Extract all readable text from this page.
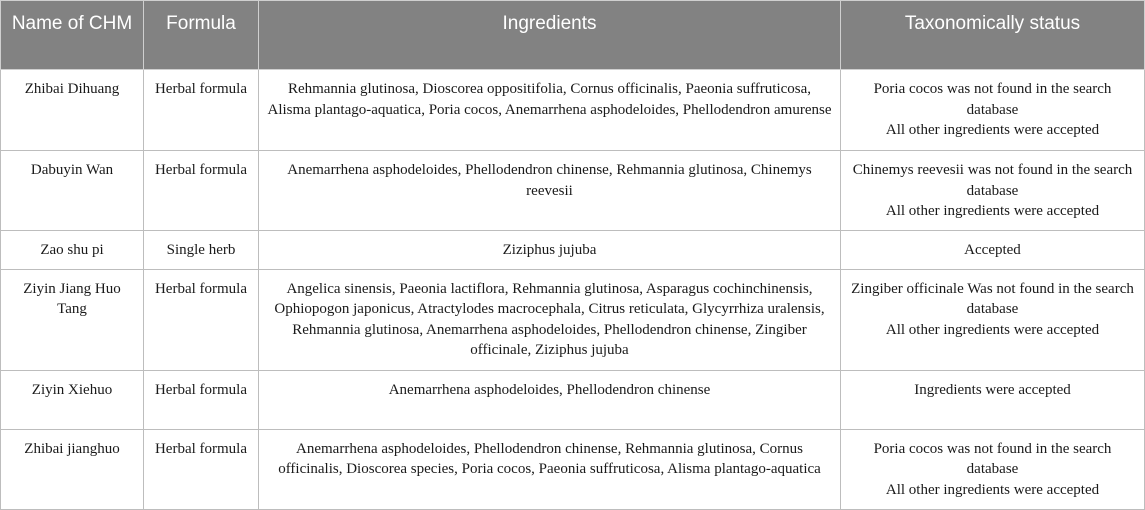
Name of CHM	Formula	Ingredients	Taxonomically status
Zhibai Dihuang	Herbal formula	Rehmannia glutinosa, Dioscorea oppositifolia, Cornus officinalis, Paeonia suffruticosa, Alisma plantago-aquatica, Poria cocos, Anemarrhena asphodeloides, Phellodendron amurense	Poria cocos was not found in the search database
All other ingredients were accepted

Dabuyin Wan	Herbal formula	Anemarrhena asphodeloides, Phellodendron chinense, Rehmannia glutinosa, Chinemys reevesii	Chinemys reevesii was not found in the search database
All other ingredients were accepted

Zao shu pi	Single herb	Ziziphus jujuba	Accepted

Ziyin Jiang Huo Tang	Herbal formula	Angelica sinensis, Paeonia lactiflora, Rehmannia glutinosa, Asparagus cochinchinensis, Ophiopogon japonicus, Atractylodes macrocephala, Citrus reticulata, Glycyrrhiza uralensis, Rehmannia glutinosa, Anemarrhena asphodeloides, Phellodendron chinense, Zingiber officinale, Ziziphus jujuba	Zingiber officinale Was not found in the search database
All other ingredients were accepted

Ziyin Xiehuo	Herbal formula	Anemarrhena asphodeloides, Phellodendron chinense	Ingredients were accepted

Zhibai jianghuo	Herbal formula	Anemarrhena asphodeloides, Phellodendron chinense, Rehmannia glutinosa, Cornus officinalis, Dioscorea species, Poria cocos, Paeonia suffruticosa, Alisma plantago-aquatica	Poria cocos was not found in the search database
All other ingredients were accepted
